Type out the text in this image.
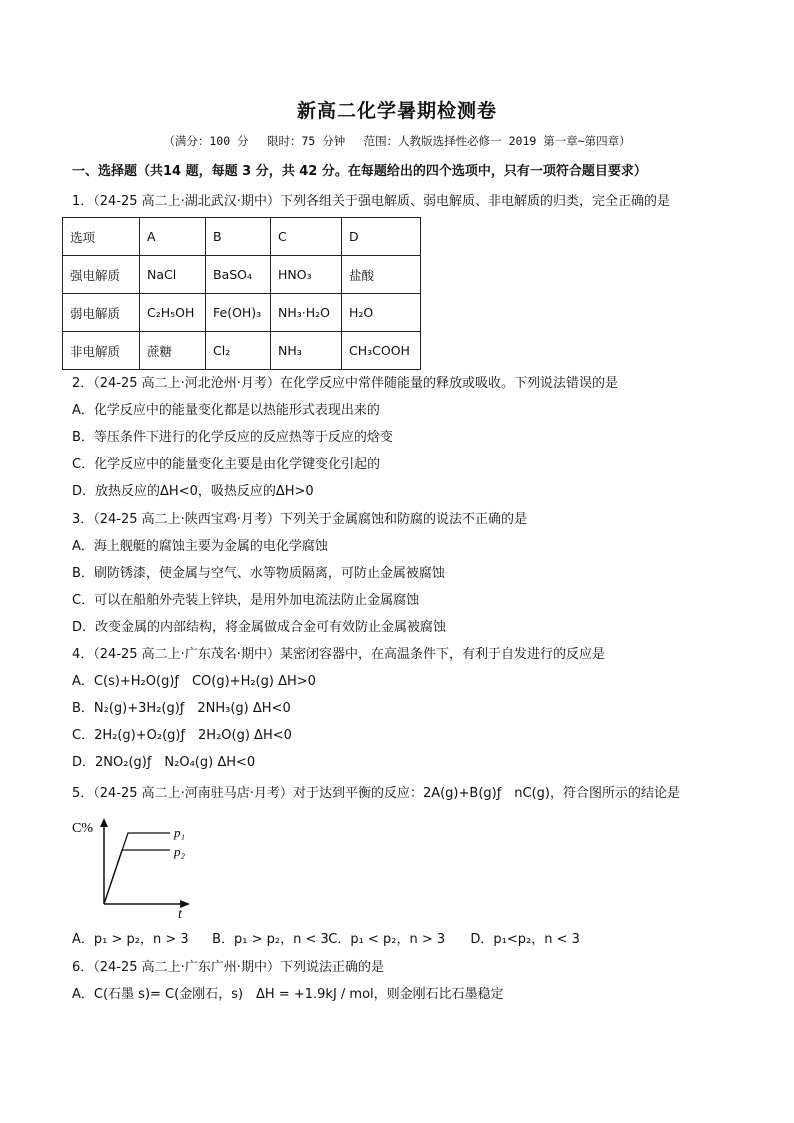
新高二化学暑期检测卷
（满分：100 分　 限时：75 分钟　 范围：人教版选择性必修一 2019 第一章~第四章）
一、选择题（共14 题，每题 3 分，共 42 分。在每题给出的四个选项中，只有一项符合题目要求）
1．（24-25 高二上·湖北武汉·期中）下列各组关于强电解质、弱电解质、非电解质的归类，完全正确的是
选项	A	B	C	D
强电解质	NaCl	BaSO₄	HNO₃	盐酸
弱电解质	C₂H₅OH	Fe(OH)₃	NH₃·H₂O	H₂O
非电解质	蔗糖	Cl₂	NH₃	CH₃COOH
2．（24-25 高二上·河北沧州·月考）在化学反应中常伴随能量的释放或吸收。下列说法错误的是
A．化学反应中的能量变化都是以热能形式表现出来的
B．等压条件下进行的化学反应的反应热等于反应的焓变
C．化学反应中的能量变化主要是由化学键变化引起的
D．放热反应的ΔH<0，吸热反应的ΔH>0
3．（24-25 高二上·陕西宝鸡·月考）下列关于金属腐蚀和防腐的说法不正确的是
A．海上舰艇的腐蚀主要为金属的电化学腐蚀
B．刷防锈漆，使金属与空气、水等物质隔离，可防止金属被腐蚀
C．可以在船舶外壳装上锌块，是用外加电流法防止金属腐蚀
D．改变金属的内部结构，将金属做成合金可有效防止金属被腐蚀
4．（24-25 高二上·广东茂名·期中）某密闭容器中，在高温条件下，有利于自发进行的反应是
A．C(s)+H₂O(g)ƒ　CO(g)+H₂(g) ΔH>0
B．N₂(g)+3H₂(g)ƒ　2NH₃(g) ΔH<0
C．2H₂(g)+O₂(g)ƒ　2H₂O(g) ΔH<0
D．2NO₂(g)ƒ　N₂O₄(g) ΔH<0
5．（24-25 高二上·河南驻马店·月考）对于达到平衡的反应：2A(g)+B(g)ƒ　nC(g)，符合图所示的结论是
C%
t
p₁
p₂
A．p₁ > p₂，n > 3 B．p₁ > p₂，n < 3 C．p₁ < p₂，n > 3 D．p₁<p₂，n < 3
6．（24-25 高二上·广东广州·期中）下列说法正确的是
A．C(石墨 s)= C(金刚石，s)　ΔH = +1.9kJ / mol，则金刚石比石墨稳定
